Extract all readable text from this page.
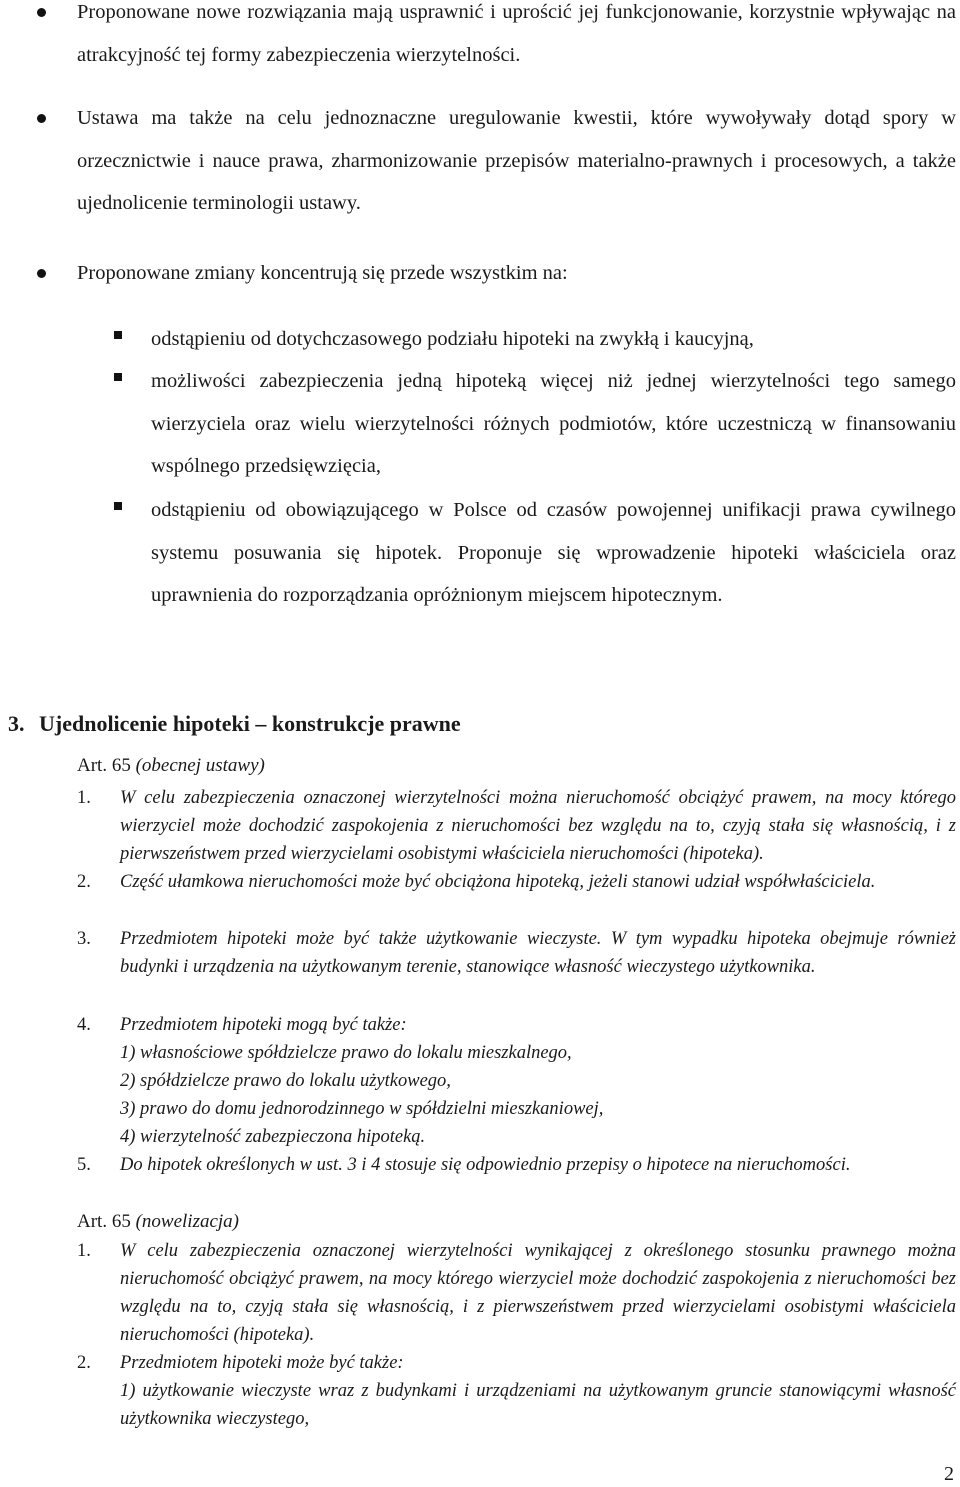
Proponowane nowe rozwiązania mają usprawnić i uprościć jej funkcjonowanie, korzystnie wpływając na atrakcyjność tej formy zabezpieczenia wierzytelności.
Ustawa ma także na celu jednoznaczne uregulowanie kwestii, które wywoływały dotąd spory w orzecznictwie i nauce prawa, zharmonizowanie przepisów materialno-prawnych i procesowych, a także ujednolicenie terminologii ustawy.
Proponowane zmiany koncentrują się przede wszystkim na:
odstąpieniu od dotychczasowego podziału hipoteki na zwykłą i kaucyjną,
możliwości zabezpieczenia jedną hipoteką więcej niż jednej wierzytelności tego samego wierzyciela oraz wielu wierzytelności różnych podmiotów, które uczestniczą w finansowaniu wspólnego przedsięwzięcia,
odstąpieniu od obowiązującego w Polsce od czasów powojennej unifikacji prawa cywilnego systemu posuwania się hipotek. Proponuje się wprowadzenie hipoteki właściciela oraz uprawnienia do rozporządzania opróżnionym miejscem hipotecznym.
3. Ujednolicenie hipoteki – konstrukcje prawne
Art. 65 (obecnej ustawy)
1. W celu zabezpieczenia oznaczonej wierzytelności można nieruchomość obciążyć prawem, na mocy którego wierzyciel może dochodzić zaspokojenia z nieruchomości bez względu na to, czyją stała się własnością, i z pierwszeństwem przed wierzycielami osobistymi właściciela nieruchomości (hipoteka).
2. Część ułamkowa nieruchomości może być obciążona hipoteką, jeżeli stanowi udział współwłaściciela.
3. Przedmiotem hipoteki może być także użytkowanie wieczyste. W tym wypadku hipoteka obejmuje również budynki i urządzenia na użytkowanym terenie, stanowiące własność wieczystego użytkownika.
4. Przedmiotem hipoteki mogą być także:
1) własnościowe spółdzielcze prawo do lokalu mieszkalnego,
2) spółdzielcze prawo do lokalu użytkowego,
3) prawo do domu jednorodzinnego w spółdzielni mieszkaniowej,
4) wierzytelność zabezpieczona hipoteką.
5. Do hipotek określonych w ust. 3 i 4 stosuje się odpowiednio przepisy o hipotece na nieruchomości.
Art. 65 (nowelizacja)
1. W celu zabezpieczenia oznaczonej wierzytelności wynikającej z określonego stosunku prawnego można nieruchomość obciążyć prawem, na mocy którego wierzyciel może dochodzić zaspokojenia z nieruchomości bez względu na to, czyją stała się własnością, i z pierwszeństwem przed wierzycielami osobistymi właściciela nieruchomości (hipoteka).
2. Przedmiotem hipoteki może być także:
1) użytkowanie wieczyste wraz z budynkami i urządzeniami na użytkowanym gruncie stanowiącymi własność użytkownika wieczystego,
2
